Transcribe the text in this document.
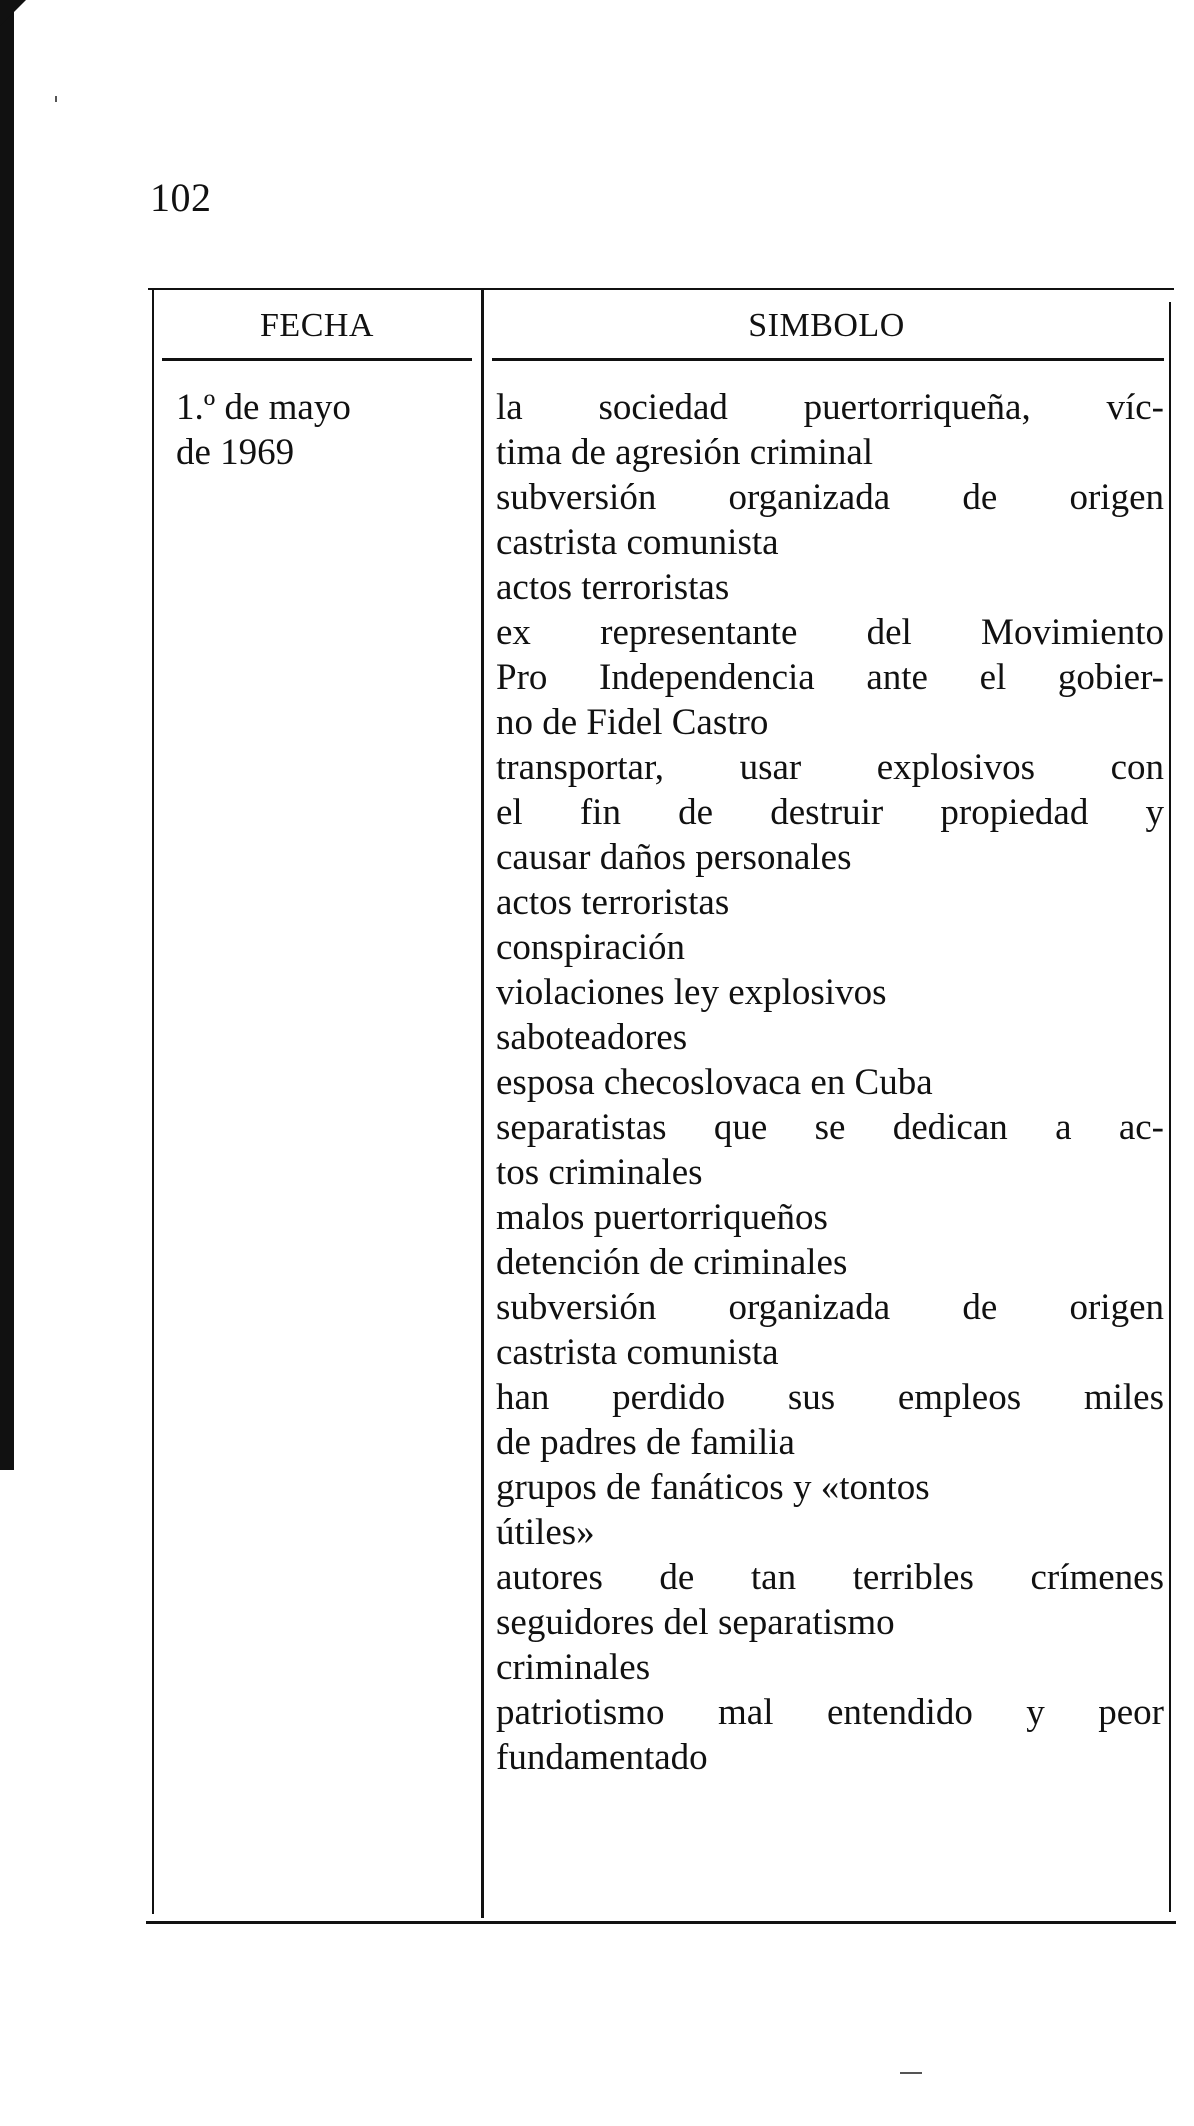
102
FECHA	SIMBOLO
1.º de mayo
de 1969
la sociedad puertorriqueña, víc-
tima de agresión criminal
subversión organizada de origen
castrista comunista
actos terroristas
ex representante del Movimiento
Pro Independencia ante el gobier-
no de Fidel Castro
transportar, usar explosivos con
el fin de destruir propiedad y
causar daños personales
actos terroristas
conspiración
violaciones ley explosivos
saboteadores
esposa checoslovaca en Cuba
separatistas que se dedican a ac-
tos criminales
malos puertorriqueños
detención de criminales
subversión organizada de origen
castrista comunista
han perdido sus empleos miles
de padres de familia
grupos de fanáticos y «tontos
útiles»
autores de tan terribles crímenes
seguidores del separatismo
criminales
patriotismo mal entendido y peor
fundamentado
